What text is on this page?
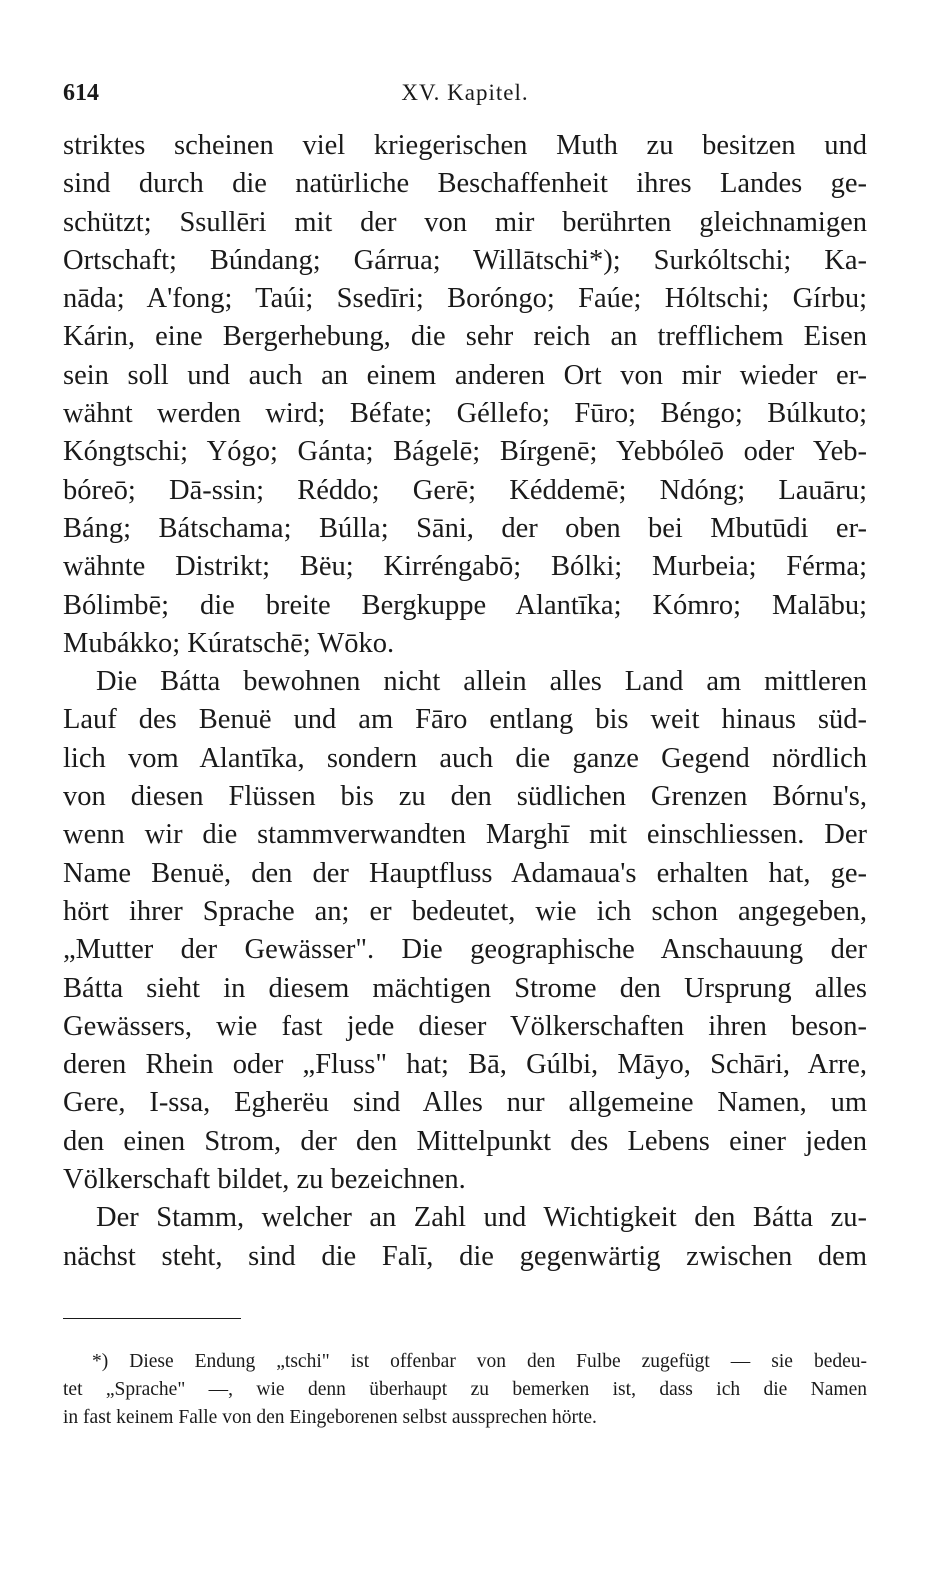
614	XV. Kapitel.
striktes scheinen viel kriegerischen Muth zu besitzen und
sind durch die natürliche Beschaffenheit ihres Landes ge-
schützt; Ssullēri mit der von mir berührten gleichnamigen
Ortschaft; Búndang; Gárrua; Willātschi*); Surkóltschi; Ka-
nāda; A'fong; Taúi; Ssedīri; Boróngo; Faúe; Hóltschi; Gírbu;
Kárin, eine Bergerhebung, die sehr reich an trefflichem Eisen
sein soll und auch an einem anderen Ort von mir wieder er-
wähnt werden wird; Béfate; Géllefo; Fūro; Béngo; Búlkuto;
Kóngtschi; Yógo; Gánta; Bágelē; Bírgenē; Yebbóleō oder Yeb-
bóreō; Dā-ssin; Réddo; Gerē; Kéddemē; Ndóng; Lauāru;
Báng; Bátschama; Búlla; Sāni, der oben bei Mbutūdi er-
wähnte Distrikt; Bëu; Kirréngabō; Bólki; Murbeia; Férma;
Bólimbē; die breite Bergkuppe Alantīka; Kómro; Malābu;
Mubákko; Kúratschē; Wōko.
Die Bátta bewohnen nicht allein alles Land am mittleren
Lauf des Benuë und am Fāro entlang bis weit hinaus süd-
lich vom Alantīka, sondern auch die ganze Gegend nördlich
von diesen Flüssen bis zu den südlichen Grenzen Bórnu's,
wenn wir die stammverwandten Marghī mit einschliessen. Der
Name Benuë, den der Hauptfluss Adamaua's erhalten hat, ge-
hört ihrer Sprache an; er bedeutet, wie ich schon angegeben,
„Mutter der Gewässer". Die geographische Anschauung der
Bátta sieht in diesem mächtigen Strome den Ursprung alles
Gewässers, wie fast jede dieser Völkerschaften ihren beson-
deren Rhein oder „Fluss" hat; Bā, Gúlbi, Māyo, Schāri, Arre,
Gere, I-ssa, Egherëu sind Alles nur allgemeine Namen, um
den einen Strom, der den Mittelpunkt des Lebens einer jeden
Völkerschaft bildet, zu bezeichnen.
Der Stamm, welcher an Zahl und Wichtigkeit den Bátta zu-
nächst steht, sind die Falī, die gegenwärtig zwischen dem
*) Diese Endung „tschi" ist offenbar von den Fulbe zugefügt — sie bedeu-
tet „Sprache" —, wie denn überhaupt zu bemerken ist, dass ich die Namen
in fast keinem Falle von den Eingeborenen selbst aussprechen hörte.
